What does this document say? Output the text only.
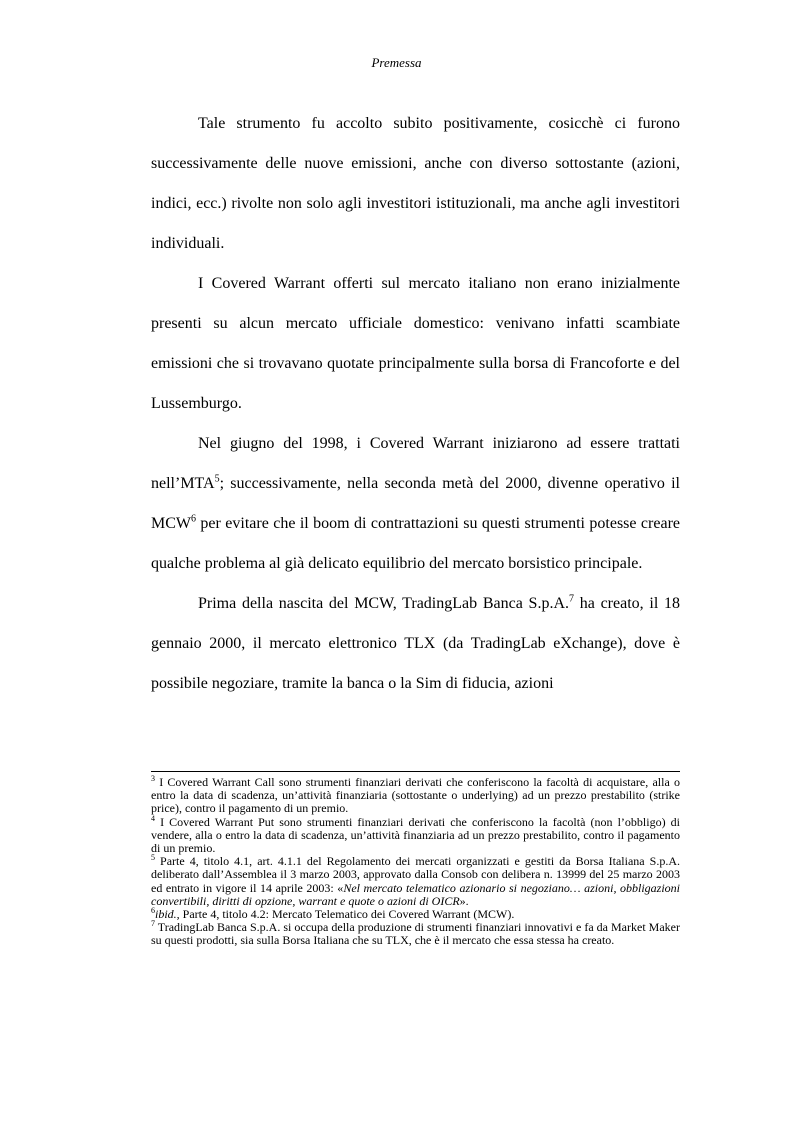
Premessa

Tale strumento fu accolto subito positivamente, cosicchè ci furono successivamente delle nuove emissioni, anche con diverso sottostante (azioni, indici, ecc.) rivolte non solo agli investitori istituzionali, ma anche agli investitori individuali.

I Covered Warrant offerti sul mercato italiano non erano inizialmente presenti su alcun mercato ufficiale domestico: venivano infatti scambiate emissioni che si trovavano quotate principalmente sulla borsa di Francoforte e del Lussemburgo.

Nel giugno del 1998, i Covered Warrant iniziarono ad essere trattati nell’MTA$^5$; successivamente, nella seconda metà del 2000, divenne operativo il MCW$^6$ per evitare che il boom di contrattazioni su questi strumenti potesse creare qualche problema al già delicato equilibrio del mercato borsistico principale.

Prima della nascita del MCW, TradingLab Banca S.p.A.$^7$ ha creato, il 18 gennaio 2000, il mercato elettronico TLX (da TradingLab eXchange), dove è possibile negoziare, tramite la banca o la Sim di fiducia, azioni

$^3$ I Covered Warrant Call sono strumenti finanziari derivati che conferiscono la facoltà di acquistare, alla o entro la data di scadenza, un’attività finanziaria (sottostante o underlying) ad un prezzo prestabilito (strike price), contro il pagamento di un premio.

$^4$ I Covered Warrant Put sono strumenti finanziari derivati che conferiscono la facoltà (non l’obbligo) di vendere, alla o entro la data di scadenza, un’attività finanziaria ad un prezzo prestabilito, contro il pagamento di un premio.

$^5$ Parte 4, titolo 4.1, art. 4.1.1 del Regolamento dei mercati organizzati e gestiti da Borsa Italiana S.p.A. deliberato dall’Assemblea il 3 marzo 2003, approvato dalla Consob con delibera n. 13999 del 25 marzo 2003 ed entrato in vigore il 14 aprile 2003: «Nel mercato telematico azionario si negoziano… azioni, obbligazioni convertibili, diritti di opzione, warrant e quote o azioni di OICR».

$^6$ibid., Parte 4, titolo 4.2: Mercato Telematico dei Covered Warrant (MCW).

$^7$ TradingLab Banca S.p.A. si occupa della produzione di strumenti finanziari innovativi e fa da Market Maker su questi prodotti, sia sulla Borsa Italiana che su TLX, che è il mercato che essa stessa ha creato.
